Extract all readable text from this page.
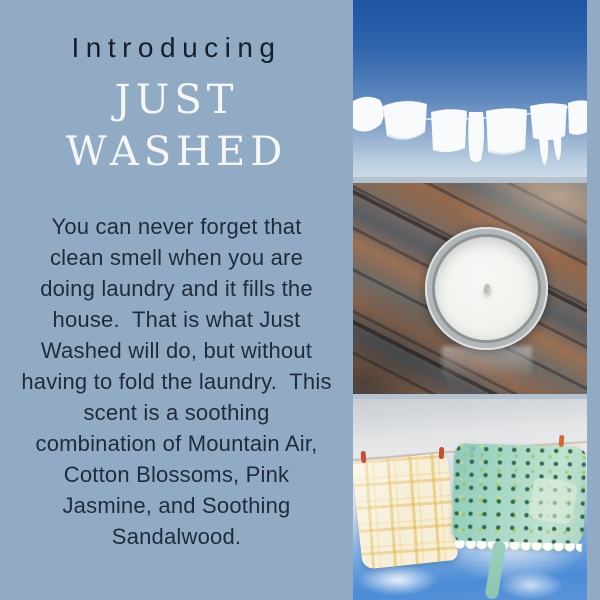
Introducing
JUST
WASHED
You can never forget that
clean smell when you are
doing laundry and it fills the
house.  That is what Just
Washed will do, but without
having to fold the laundry.  This
scent is a soothing
combination of Mountain Air,
Cotton Blossoms, Pink
Jasmine, and Soothing
Sandalwood.
